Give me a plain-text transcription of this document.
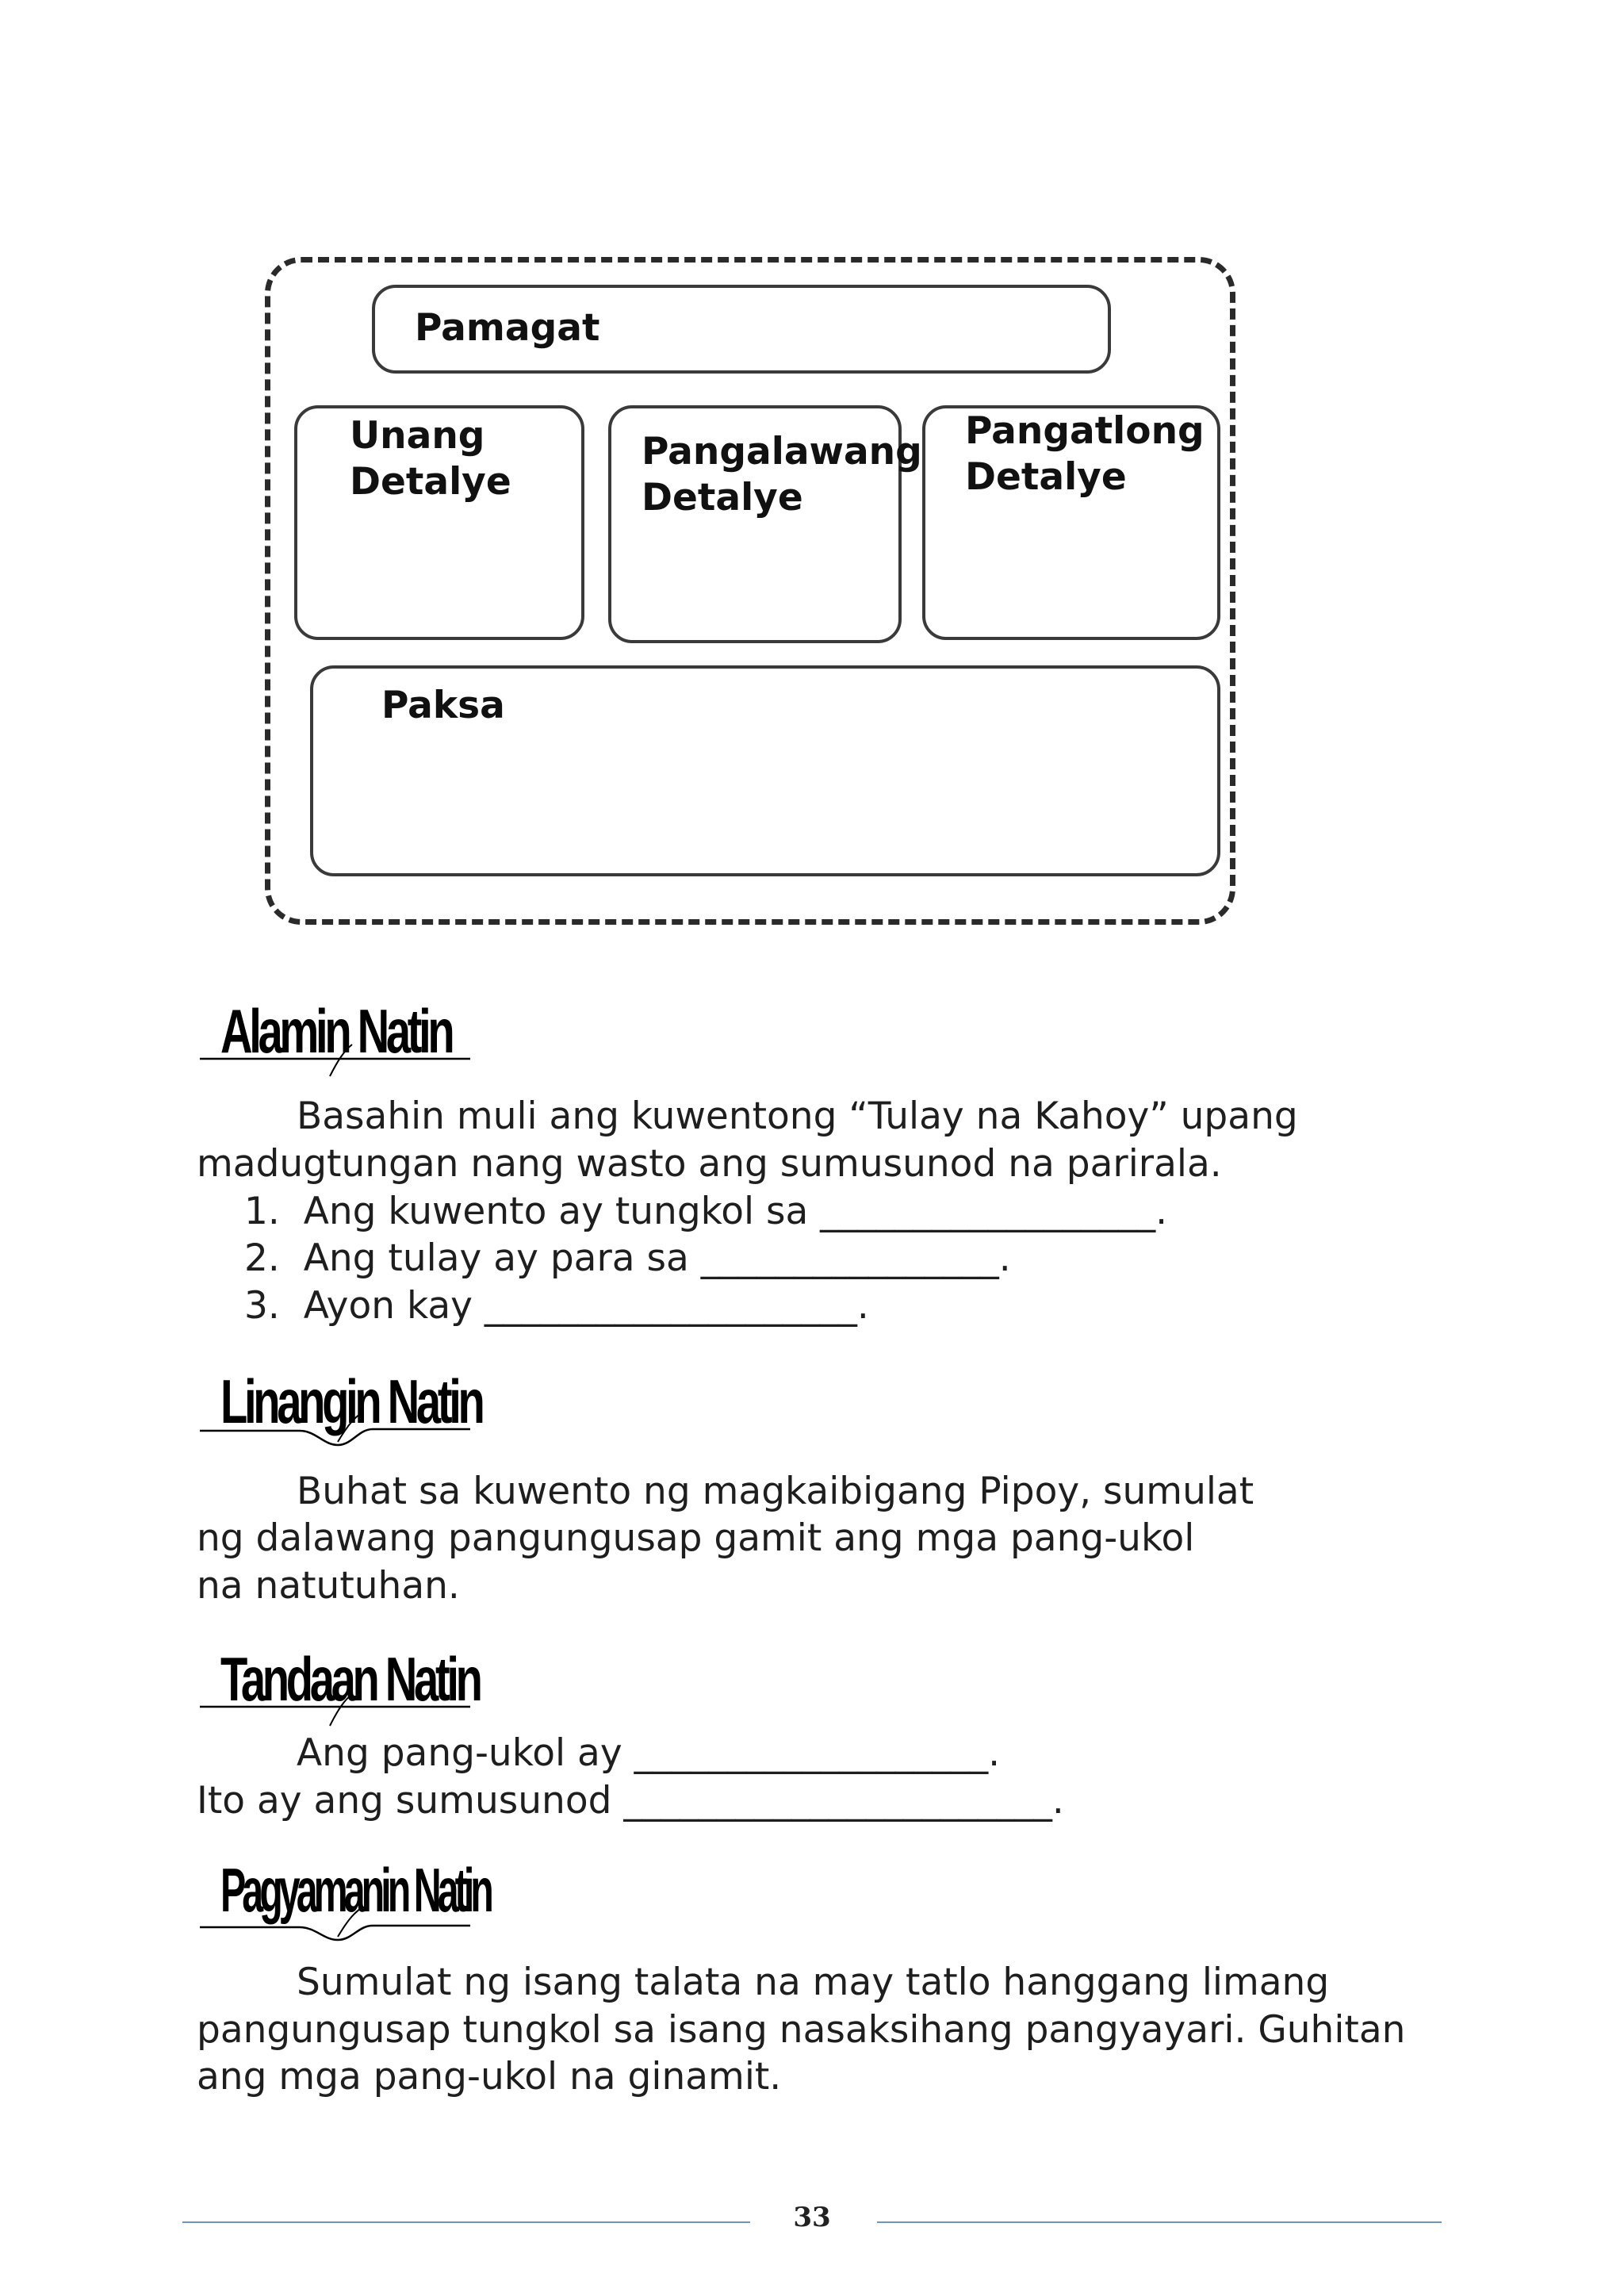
Pamagat
Unang
Detalye
Pangalawang
Detalye
Pangatlong
Detalye
Paksa
Alamin Natin
Basahin muli ang kuwentong “Tulay na Kahoy” upang
madugtungan nang wasto ang sumusunod na parirala.
1.  Ang kuwento ay tungkol sa __________________.
2.  Ang tulay ay para sa ________________.
3.  Ayon kay ____________________.
Linangin Natin
Buhat sa kuwento ng magkaibigang Pipoy, sumulat
ng dalawang pangungusap gamit ang mga pang-ukol
na natutuhan.
Tandaan Natin
Ang pang-ukol ay ___________________.
Ito ay ang sumusunod _______________________.
Pagyamanin Natin
Sumulat ng isang talata na may tatlo hanggang limang
pangungusap tungkol sa isang nasaksihang pangyayari. Guhitan
ang mga pang-ukol na ginamit.
33
